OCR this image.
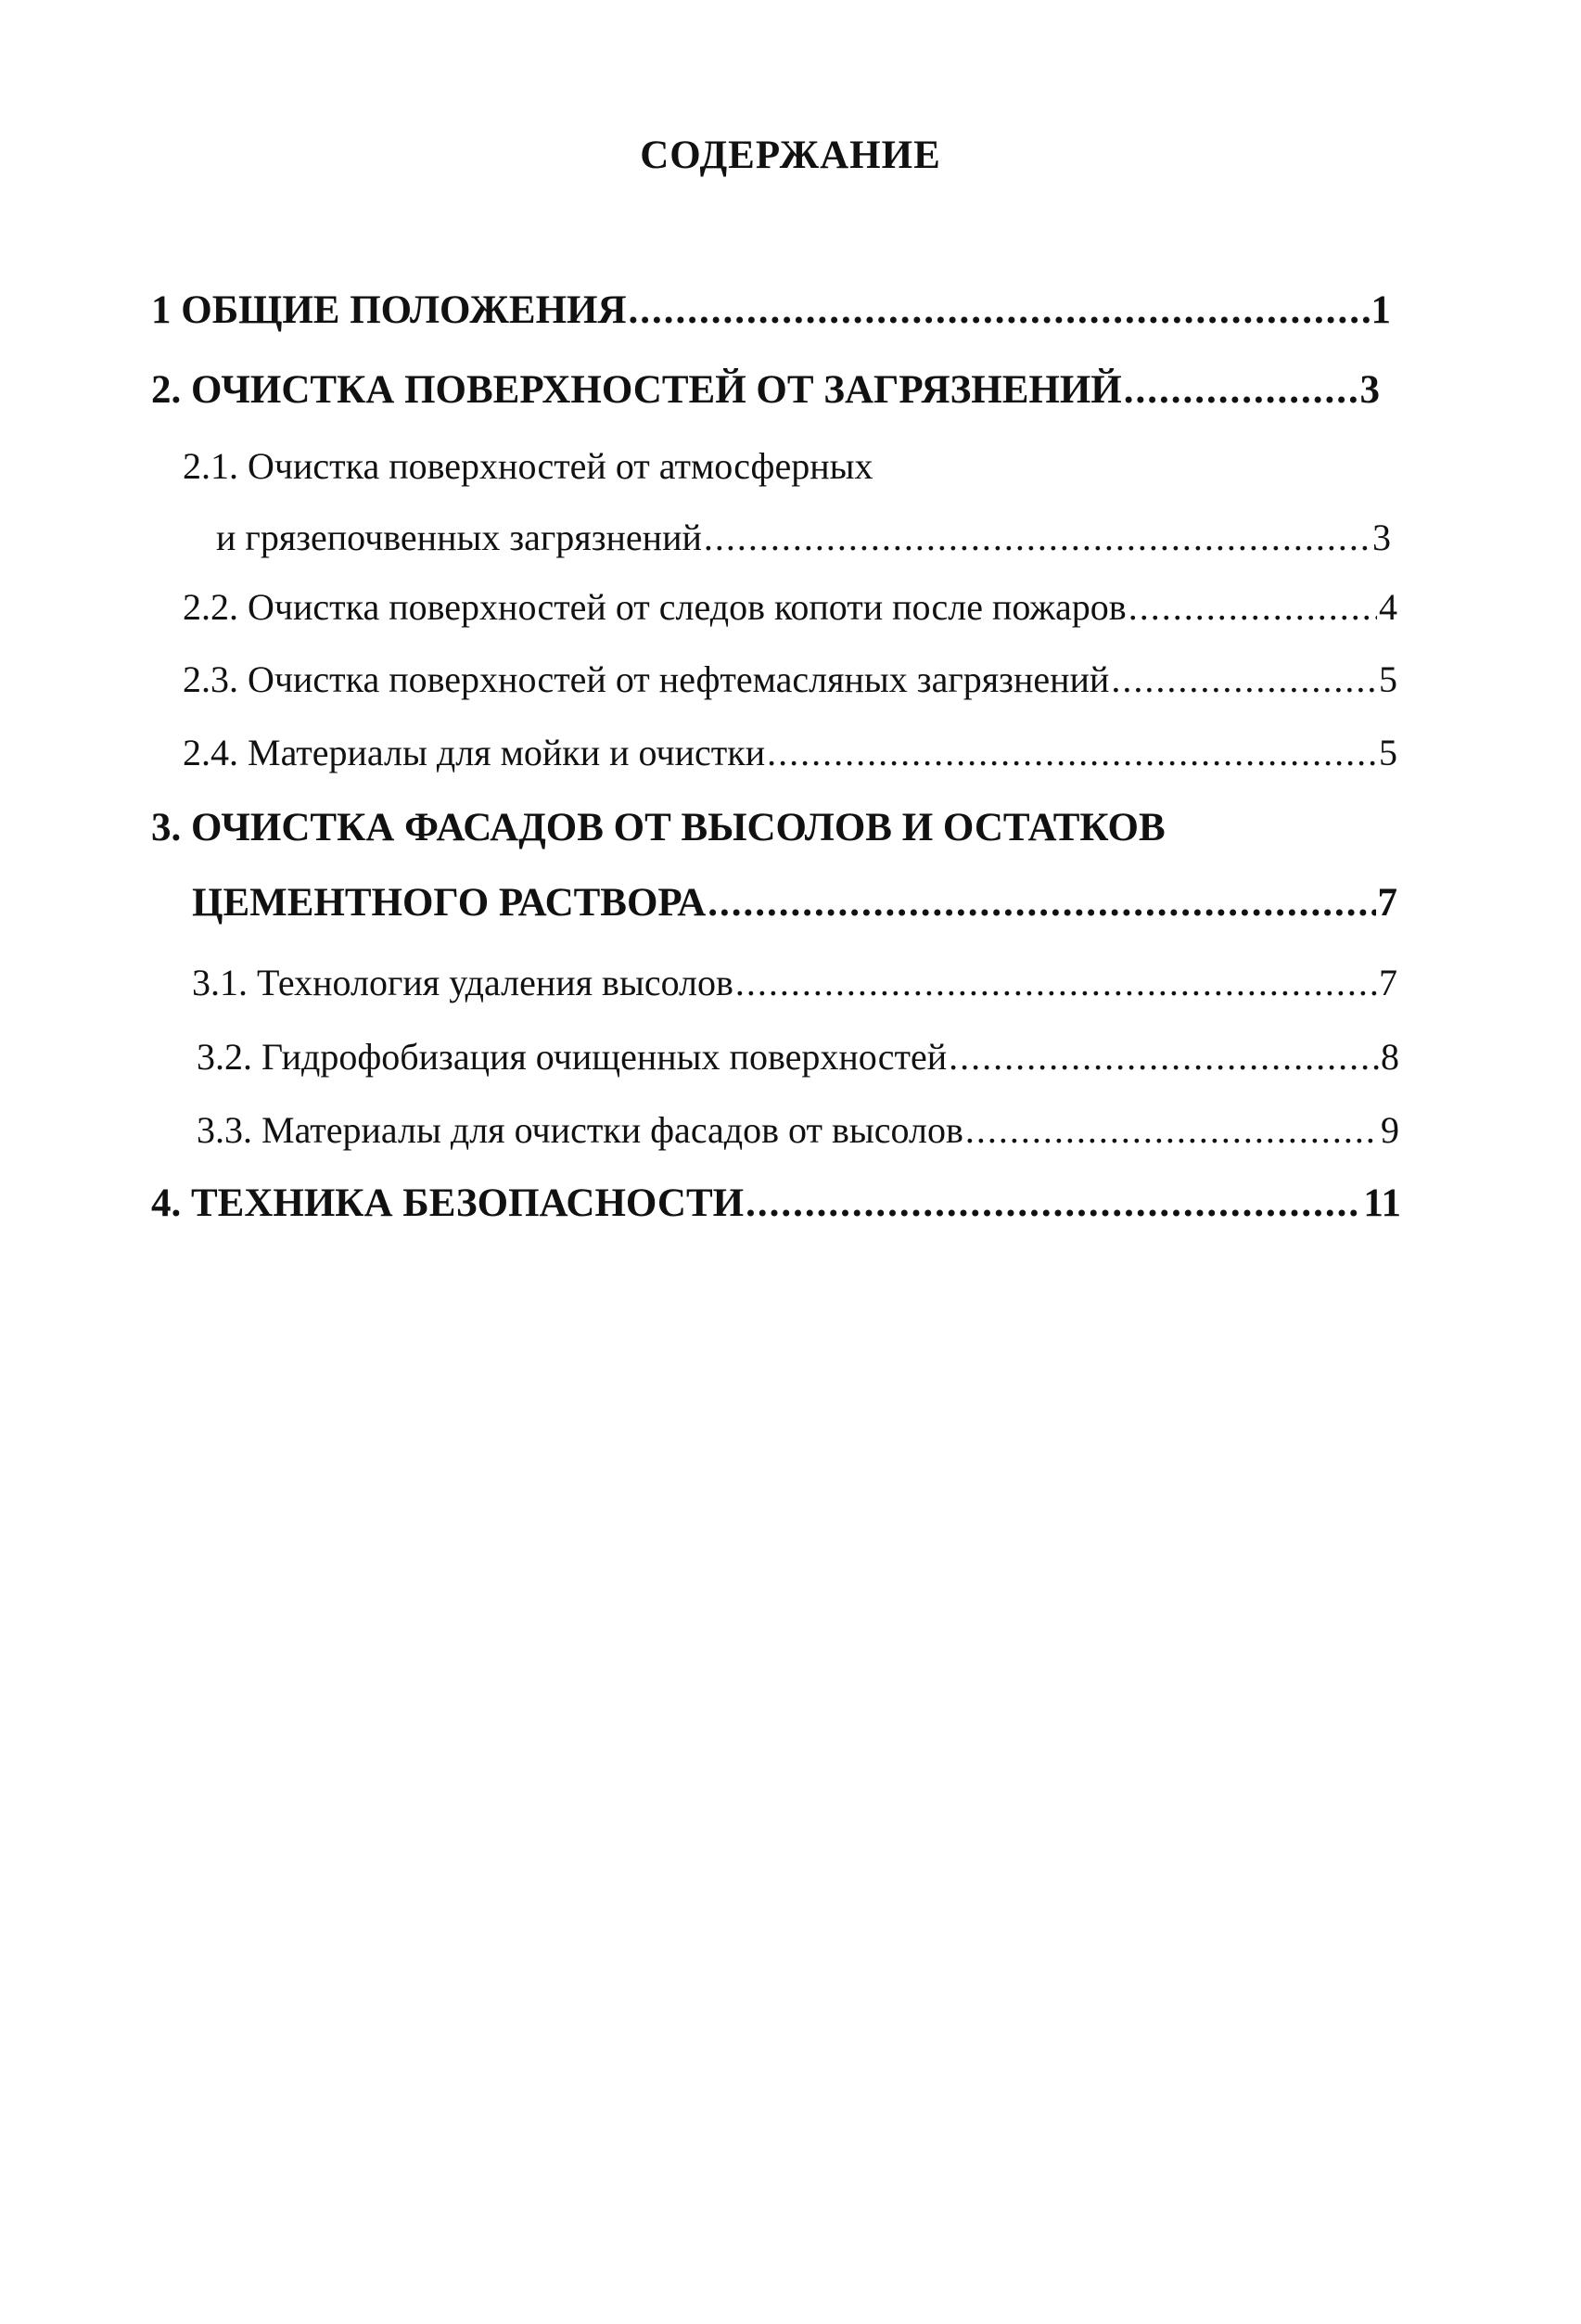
СОДЕРЖАНИЕ
1 ОБЩИЕ ПОЛОЖЕНИЯ .....	1
2. ОЧИСТКА ПОВЕРХНОСТЕЙ ОТ ЗАГРЯЗНЕНИЙ .....	3
2.1. Очистка поверхностей от атмосферных
и грязепочвенных загрязнений .....	3
2.2. Очистка поверхностей от следов копоти после пожаров .....	4
2.3. Очистка поверхностей от нефтемасляных загрязнений .....	5
2.4. Материалы для мойки и очистки .....	5
3. ОЧИСТКА ФАСАДОВ ОТ ВЫСОЛОВ И ОСТАТКОВ
ЦЕМЕНТНОГО РАСТВОРА .....	7
3.1. Технология удаления высолов .....	7
3.2. Гидрофобизация очищенных поверхностей .....	8
3.3. Материалы для очистки фасадов от высолов .....	9
4. ТЕХНИКА БЕЗОПАСНОСТИ .....	11
